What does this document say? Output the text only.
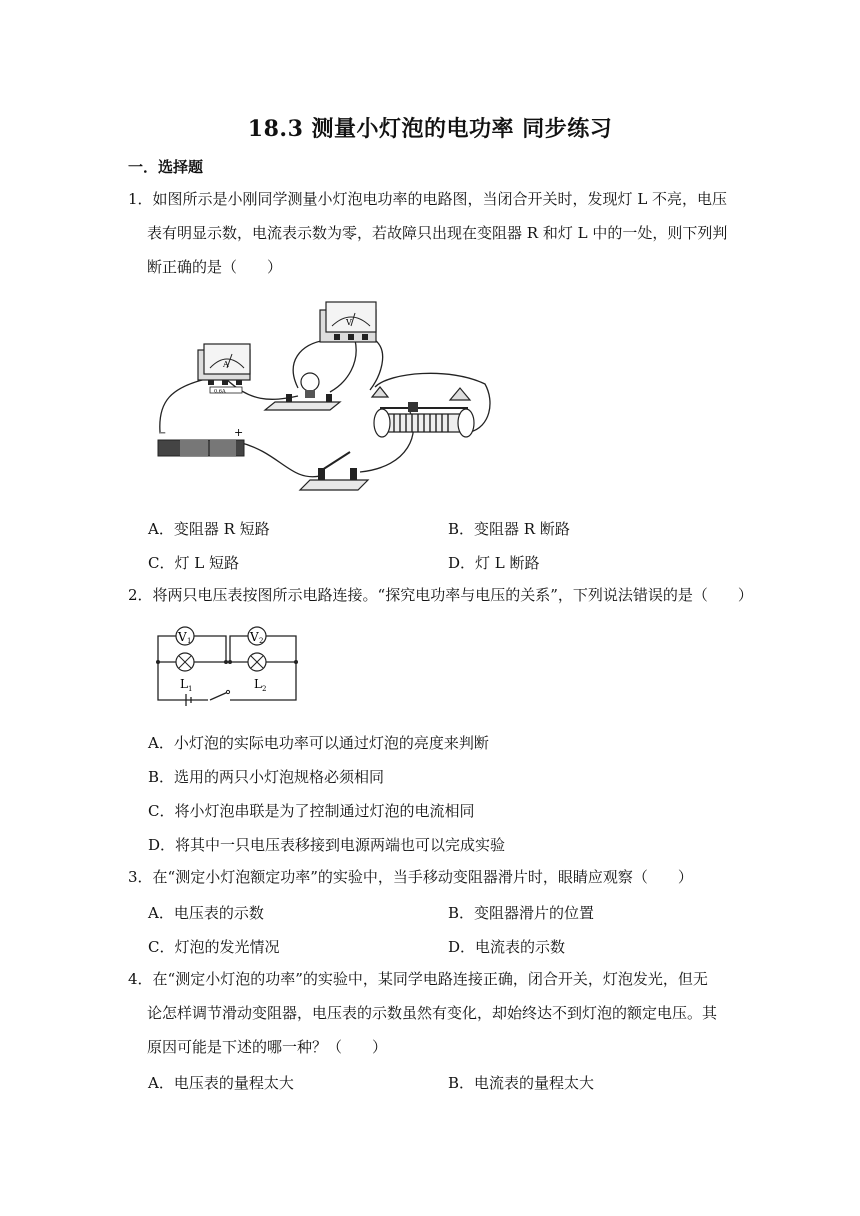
18.3 测量小灯泡的电功率 同步练习
一．选择题
1．如图所示是小刚同学测量小灯泡电功率的电路图，当闭合开关时，发现灯 L 不亮，电压
表有明显示数，电流表示数为零，若故障只出现在变阻器 R 和灯 L 中的一处，则下列判
断正确的是（　　）
A
0.6A
V
−	+
A．变阻器 R 短路	B．变阻器 R 断路
C．灯 L 短路	D．灯 L 断路
2．将两只电压表按图所示电路连接。“探究电功率与电压的关系”，下列说法错误的是（　　）
V 1	V 2
L 1	L 2
A．小灯泡的实际电功率可以通过灯泡的亮度来判断
B．选用的两只小灯泡规格必须相同
C．将小灯泡串联是为了控制通过灯泡的电流相同
D．将其中一只电压表移接到电源两端也可以完成实验
3．在“测定小灯泡额定功率”的实验中，当手移动变阻器滑片时，眼睛应观察（　　）
A．电压表的示数	B．变阻器滑片的位置
C．灯泡的发光情况	D．电流表的示数
4．在“测定小灯泡的功率”的实验中，某同学电路连接正确，闭合开关，灯泡发光，但无
论怎样调节滑动变阻器，电压表的示数虽然有变化，却始终达不到灯泡的额定电压。其
原因可能是下述的哪一种？（　　）
A．电压表的量程太大	B．电流表的量程太大
